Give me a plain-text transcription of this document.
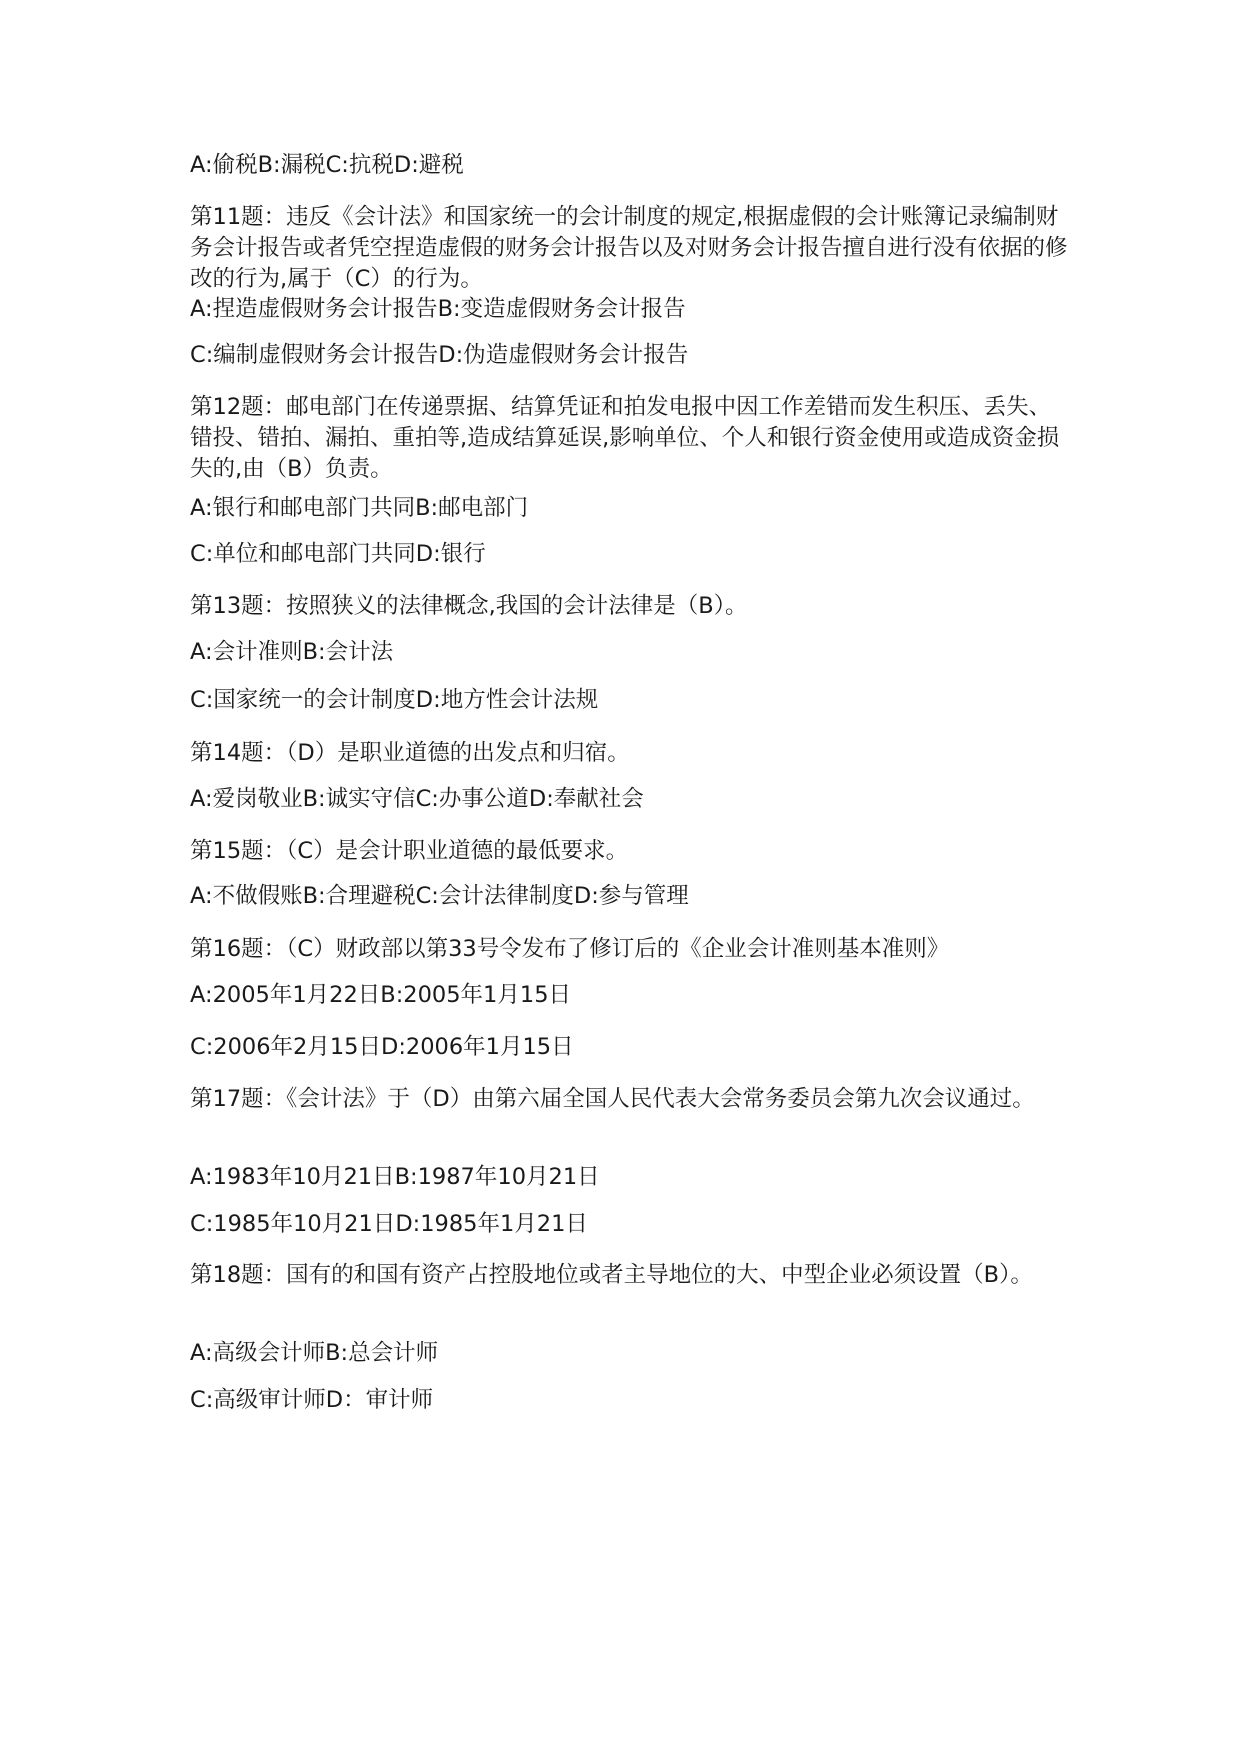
A:偷税B:漏税C:抗税D:避税

第11题：违反《会计法》和国家统一的会计制度的规定,根据虚假的会计账簿记录编制财务会计报告或者凭空捏造虚假的财务会计报告以及对财务会计报告擅自进行没有依据的修改的行为,属于（C）的行为。

A:捏造虚假财务会计报告B:变造虚假财务会计报告

C:编制虚假财务会计报告D:伪造虚假财务会计报告

第12题：邮电部门在传递票据、结算凭证和拍发电报中因工作差错而发生积压、丢失、错投、错拍、漏拍、重拍等,造成结算延误,影响单位、个人和银行资金使用或造成资金损失的,由（B）负责。

A:银行和邮电部门共同B:邮电部门

C:单位和邮电部门共同D:银行

第13题：按照狭义的法律概念,我国的会计法律是（B）。

A:会计准则B:会计法

C:国家统一的会计制度D:地方性会计法规

第14题：（D）是职业道德的出发点和归宿。

A:爱岗敬业B:诚实守信C:办事公道D:奉献社会

第15题：（C）是会计职业道德的最低要求。

A:不做假账B:合理避税C:会计法律制度D:参与管理

第16题：（C）财政部以第33号令发布了修订后的《企业会计准则基本准则》

A:2005年1月22日B:2005年1月15日

C:2006年2月15日D:2006年1月15日

第17题：《会计法》于（D）由第六届全国人民代表大会常务委员会第九次会议通过。

A:1983年10月21日B:1987年10月21日

C:1985年10月21日D:1985年1月21日

第18题：国有的和国有资产占控股地位或者主导地位的大、中型企业必须设置（B）。

A:高级会计师B:总会计师

C:高级审计师D：审计师
